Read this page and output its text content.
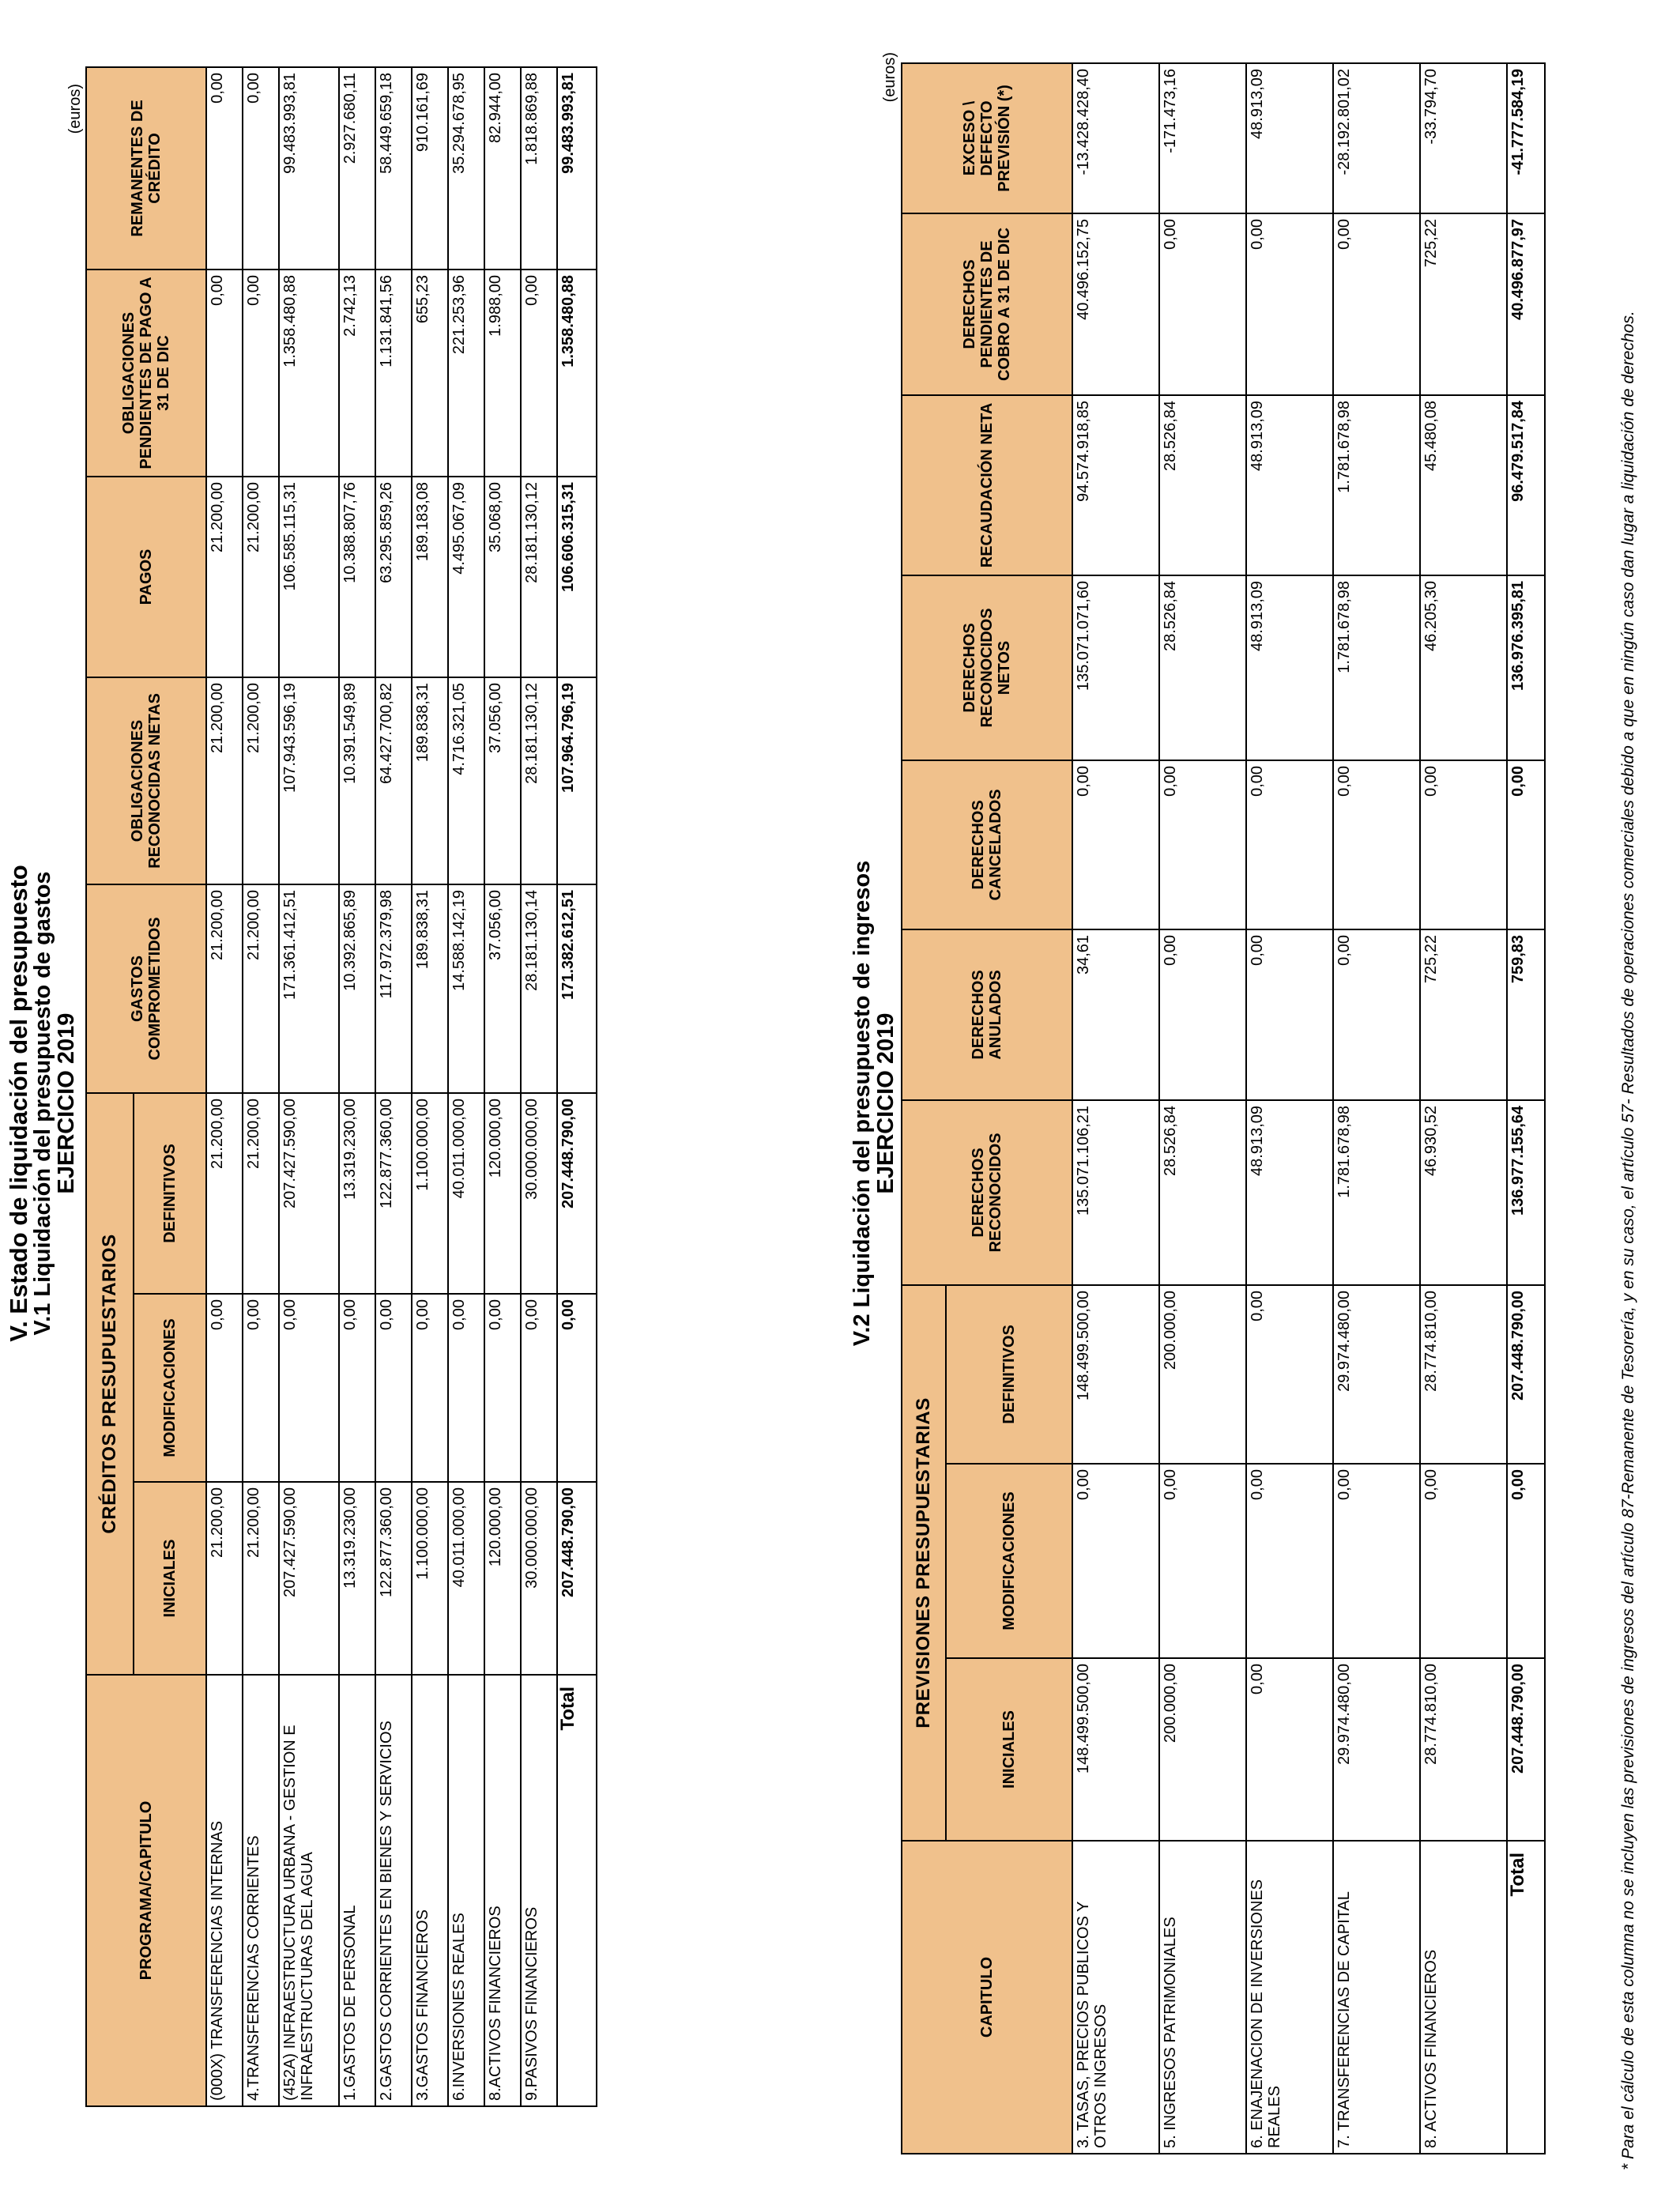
V. Estado de liquidación del presupuesto
V.1 Liquidación del presupuesto de gastos
EJERCICIO 2019
(euros)
PROGRAMA/CAPITULO	CRÉDITOS PRESUPUESTARIOS			GASTOS COMPROMETIDOS	OBLIGACIONES RECONOCIDAS NETAS	PAGOS	OBLIGACIONES PENDIENTES DE PAGO A 31 DE DIC	REMANENTES DE CRÉDITO
	INICIALES	MODIFICACIONES	DEFINITIVOS					
(000X) TRANSFERENCIAS INTERNAS	21.200,00	0,00	21.200,00	21.200,00	21.200,00	21.200,00	0,00	0,00
4.TRANSFERENCIAS CORRIENTES	21.200,00	0,00	21.200,00	21.200,00	21.200,00	21.200,00	0,00	0,00
(452A) INFRAESTRUCTURA URBANA - GESTION E INFRAESTRUCTURAS DEL AGUA	207.427.590,00	0,00	207.427.590,00	171.361.412,51	107.943.596,19	106.585.115,31	1.358.480,88	99.483.993,81
1.GASTOS DE PERSONAL	13.319.230,00	0,00	13.319.230,00	10.392.865,89	10.391.549,89	10.388.807,76	2.742,13	2.927.680,11
2.GASTOS CORRIENTES EN BIENES Y SERVICIOS	122.877.360,00	0,00	122.877.360,00	117.972.379,98	64.427.700,82	63.295.859,26	1.131.841,56	58.449.659,18
3.GASTOS FINANCIEROS	1.100.000,00	0,00	1.100.000,00	189.838,31	189.838,31	189.183,08	655,23	910.161,69
6.INVERSIONES REALES	40.011.000,00	0,00	40.011.000,00	14.588.142,19	4.716.321,05	4.495.067,09	221.253,96	35.294.678,95
8.ACTIVOS FINANCIEROS	120.000,00	0,00	120.000,00	37.056,00	37.056,00	35.068,00	1.988,00	82.944,00
9.PASIVOS FINANCIEROS	30.000.000,00	0,00	30.000.000,00	28.181.130,14	28.181.130,12	28.181.130,12	0,00	1.818.869,88
Total	207.448.790,00	0,00	207.448.790,00	171.382.612,51	107.964.796,19	106.606.315,31	1.358.480,88	99.483.993,81
V.2 Liquidación del presupuesto de ingresos
EJERCICIO 2019
(euros)
CAPITULO	PREVISIONES PRESUPUESTARIAS			DERECHOS RECONOCIDOS	DERECHOS ANULADOS	DERECHOS CANCELADOS	DERECHOS RECONOCIDOS NETOS	RECAUDACIÓN NETA	DERECHOS PENDIENTES DE COBRO A 31 DE DIC	EXCESO \ DEFECTO PREVISIÓN (*)
	INICIALES	MODIFICACIONES	DEFINITIVOS							
3. TASAS, PRECIOS PUBLICOS Y OTROS INGRESOS	148.499.500,00	0,00	148.499.500,00	135.071.106,21	34,61	0,00	135.071.071,60	94.574.918,85	40.496.152,75	-13.428.428,40
5. INGRESOS PATRIMONIALES	200.000,00	0,00	200.000,00	28.526,84	0,00	0,00	28.526,84	28.526,84	0,00	-171.473,16
6. ENAJENACION DE INVERSIONES REALES	0,00	0,00	0,00	48.913,09	0,00	0,00	48.913,09	48.913,09	0,00	48.913,09
7. TRANSFERENCIAS DE CAPITAL	29.974.480,00	0,00	29.974.480,00	1.781.678,98	0,00	0,00	1.781.678,98	1.781.678,98	0,00	-28.192.801,02
8. ACTIVOS FINANCIEROS	28.774.810,00	0,00	28.774.810,00	46.930,52	725,22	0,00	46.205,30	45.480,08	725,22	-33.794,70
Total	207.448.790,00	0,00	207.448.790,00	136.977.155,64	759,83	0,00	136.976.395,81	96.479.517,84	40.496.877,97	-41.777.584,19
* Para el cálculo de esta columna no se incluyen las previsiones de ingresos del artículo 87-Remanente de Tesorería, y en su caso, el artículo 57- Resultados de operaciones comerciales debido a que en ningún caso dan lugar a liquidación de derechos.
